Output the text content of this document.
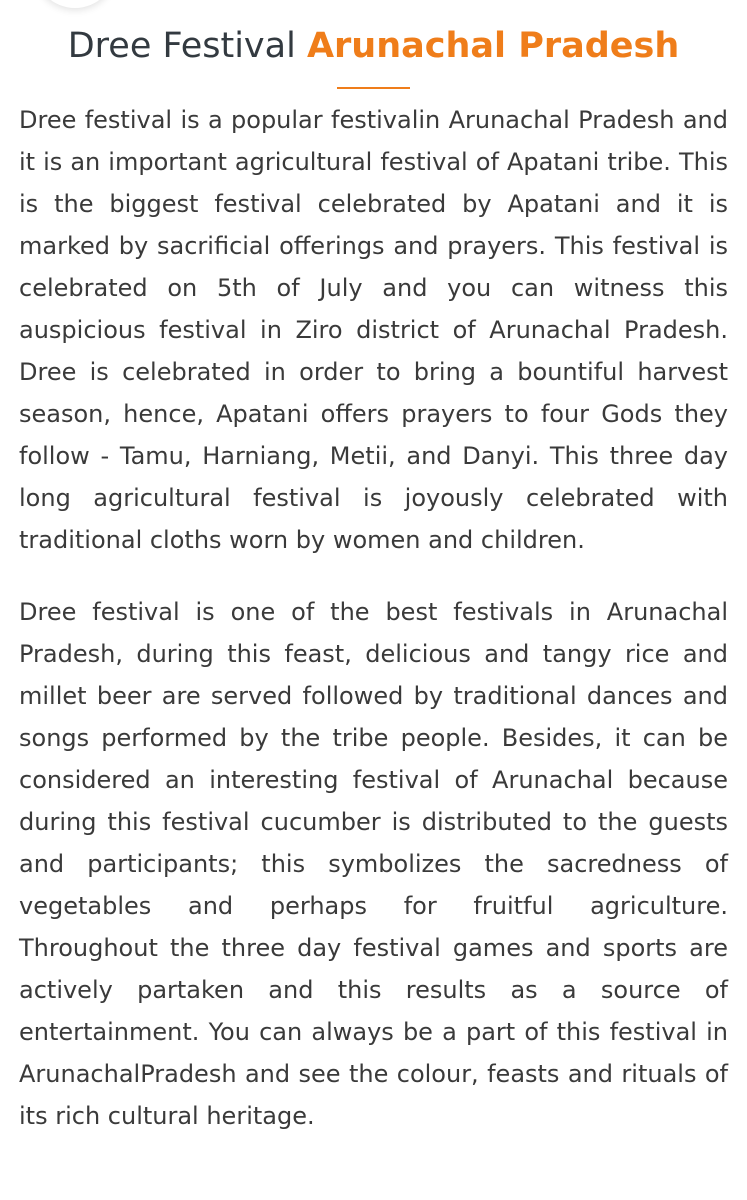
Dree Festival Arunachal Pradesh

Dree festival is a popular festivalin Arunachal Pradesh and it is an important agricultural festival of Apatani tribe. This is the biggest festival celebrated by Apatani and it is marked by sacrificial offerings and prayers. This festival is celebrated on 5th of July and you can witness this auspicious festival in Ziro district of Arunachal Pradesh. Dree is celebrated in order to bring a bountiful harvest season, hence, Apatani offers prayers to four Gods they follow - Tamu, Harniang, Metii, and Danyi. This three day long agricultural festival is joyously celebrated with traditional cloths worn by women and children.

Dree festival is one of the best festivals in Arunachal Pradesh, during this feast, delicious and tangy rice and millet beer are served followed by traditional dances and songs performed by the tribe people. Besides, it can be considered an interesting festival of Arunachal because during this festival cucumber is distributed to the guests and participants; this symbolizes the sacredness of vegetables and perhaps for fruitful agriculture. Throughout the three day festival games and sports are actively partaken and this results as a source of entertainment. You can always be a part of this festival in ArunachalPradesh and see the colour, feasts and rituals of its rich cultural heritage.
